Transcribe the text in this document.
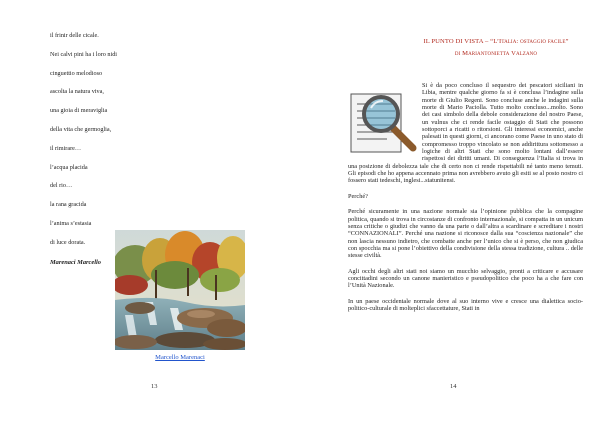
il frinir delle cicale.
Nei calvi pini ha i loro nidi
cinguettio melodioso
ascolta la natura viva,
una gioia di meraviglia
della vita che germoglia,
il rimirare…
l’acqua placida
del rio…
la rana gracida
l’anima s’estasia
di luce dorata.
Marenaci Marcello
Marcello Marenaci
13
IL PUNTO DI VISTA – “L’Italia: ostaggio facile”
di Mariantonietta Valzano

Si è da poco concluso il sequestro dei pescatori siciliani in Libia, mentre qualche giorno fa si è conclusa l’indagine sulla morte di Giulio Regeni. Sono concluse anche le indagini sulla morte di Mario Paciolla. Tutto molto concluso...molto. Sono dei casi simbolo della debole considerazione del nostro Paese, un vulnus che ci rende facile ostaggio di Stati che possono sottoporci a ricatti o ritorsioni. Gli interessi economici, anche palesati in questi giorni, ci ancorano come Paese in uno stato di compromesso troppo vincolato se non addirittura sottomesso a logiche di altri Stati che sono molto lontani dall’essere rispettosi dei diritti umani. Di conseguenza l’Italia si trova in una posizione di debolezza tale che di certo non ci rende rispettabili né tanto meno temuti. Gli episodi che ho appena accennato prima non avrebbero avuto gli esiti se al posto nostro ci fossero stati tedeschi, inglesi...statunitensi.

Perché?

Perché sicuramente in una nazione normale sia l’opinione pubblica che la compagine politica, quando si trova in circostanze di confronto internazionale, si compatta in un unicum senza critiche o giudizi che vanno da una parte o dall’altra a scardinare e screditare i nostri “CONNAZIONALI”. Perché una nazione si riconosce dalla sua “coscienza nazionale” che non lascia nessuno indietro, che combatte anche per l’unico che si è perso, che non giudica con spocchia ma si pone l’obiettivo della condivisione della stessa tradizione, cultura .. delle stesse civiltà.

Agli occhi degli altri stati noi siamo un mucchio selvaggio, pronti a criticare e accusare concittadini secondo un canone manieristico e pseudopolitico che poco ha a che fare con l’Unità Nazionale.

In un paese occidentale normale dove al suo interno vive e cresce una dialettica socio-politico-culturale di molteplici sfaccettature, Stati in

14
